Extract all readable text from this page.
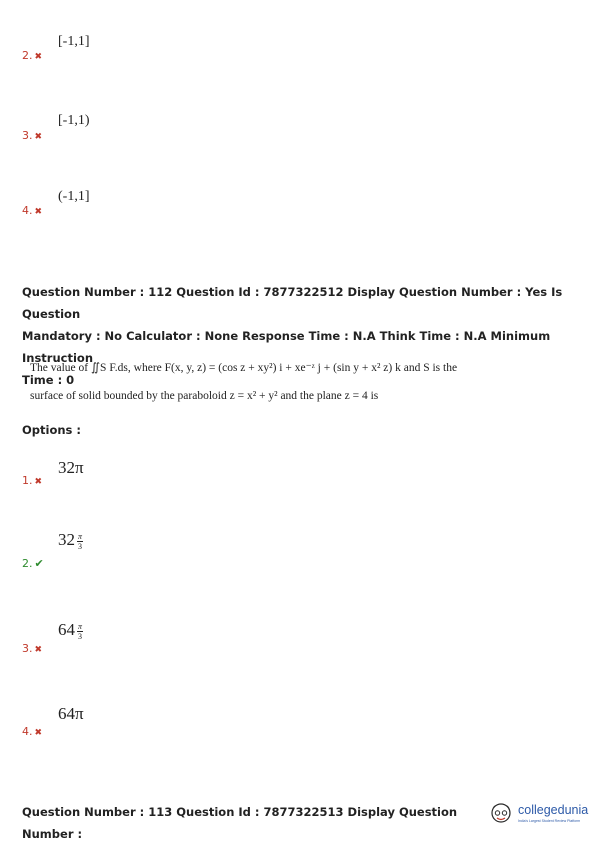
[-1,1]
2. ✖
[-1,1)
3. ✖
(-1,1]
4. ✖
Question Number : 112 Question Id : 7877322512 Display Question Number : Yes Is Question
Mandatory : No Calculator : None Response Time : N.A Think Time : N.A Minimum Instruction
Time : 0
The value of ∬S F.ds, where F(x, y, z) = (cos z + xy²) i + xe⁻ᶻ j + (sin y + x² z) k and S is the
surface of solid bounded by the paraboloid z = x² + y² and the plane z = 4 is
Options :
32π
1. ✖
$32 \frac{\pi}{3}$
2. ✔
$64 \frac{\pi}{3}$
3. ✖
64π
4. ✖
Question Number : 113 Question Id : 7877322513 Display Question Number :
collegedunia
India's Largest Student Review Platform
